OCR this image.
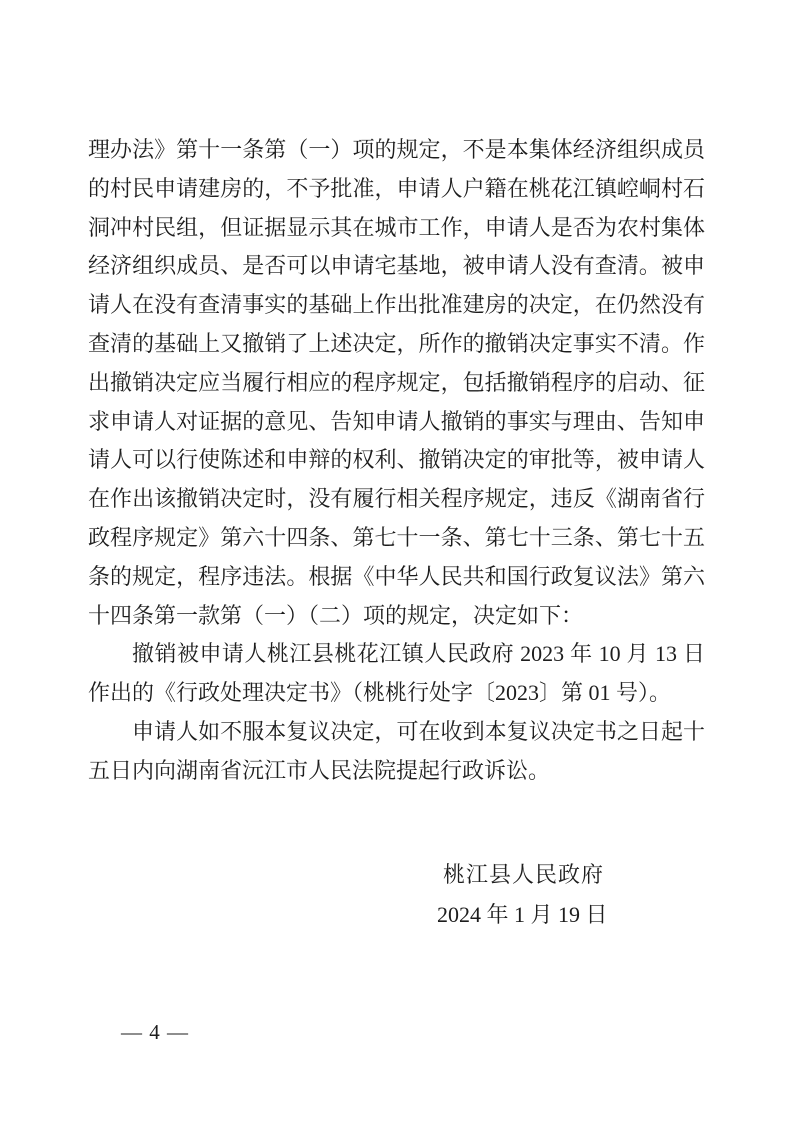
理办法》第十一条第（一）项的规定，不是本集体经济组织成员
的村民申请建房的，不予批准，申请人户籍在桃花江镇崆峒村石
洞冲村民组，但证据显示其在城市工作，申请人是否为农村集体
经济组织成员、是否可以申请宅基地，被申请人没有查清。被申
请人在没有查清事实的基础上作出批准建房的决定，在仍然没有
查清的基础上又撤销了上述决定，所作的撤销决定事实不清。作
出撤销决定应当履行相应的程序规定，包括撤销程序的启动、征
求申请人对证据的意见、告知申请人撤销的事实与理由、告知申
请人可以行使陈述和申辩的权利、撤销决定的审批等，被申请人
在作出该撤销决定时，没有履行相关程序规定，违反《湖南省行
政程序规定》第六十四条、第七十一条、第七十三条、第七十五
条的规定，程序违法。根据《中华人民共和国行政复议法》第六
十四条第一款第（一）（二）项的规定，决定如下：
撤销被申请人桃江县桃花江镇人民政府 2023 年 10 月 13 日
作出的《行政处理决定书》（桃桃行处字〔2023〕第 01 号）。
申请人如不服本复议决定，可在收到本复议决定书之日起十
五日内向湖南省沅江市人民法院提起行政诉讼。
桃江县人民政府
2024 年 1 月 19 日
— 4 —
